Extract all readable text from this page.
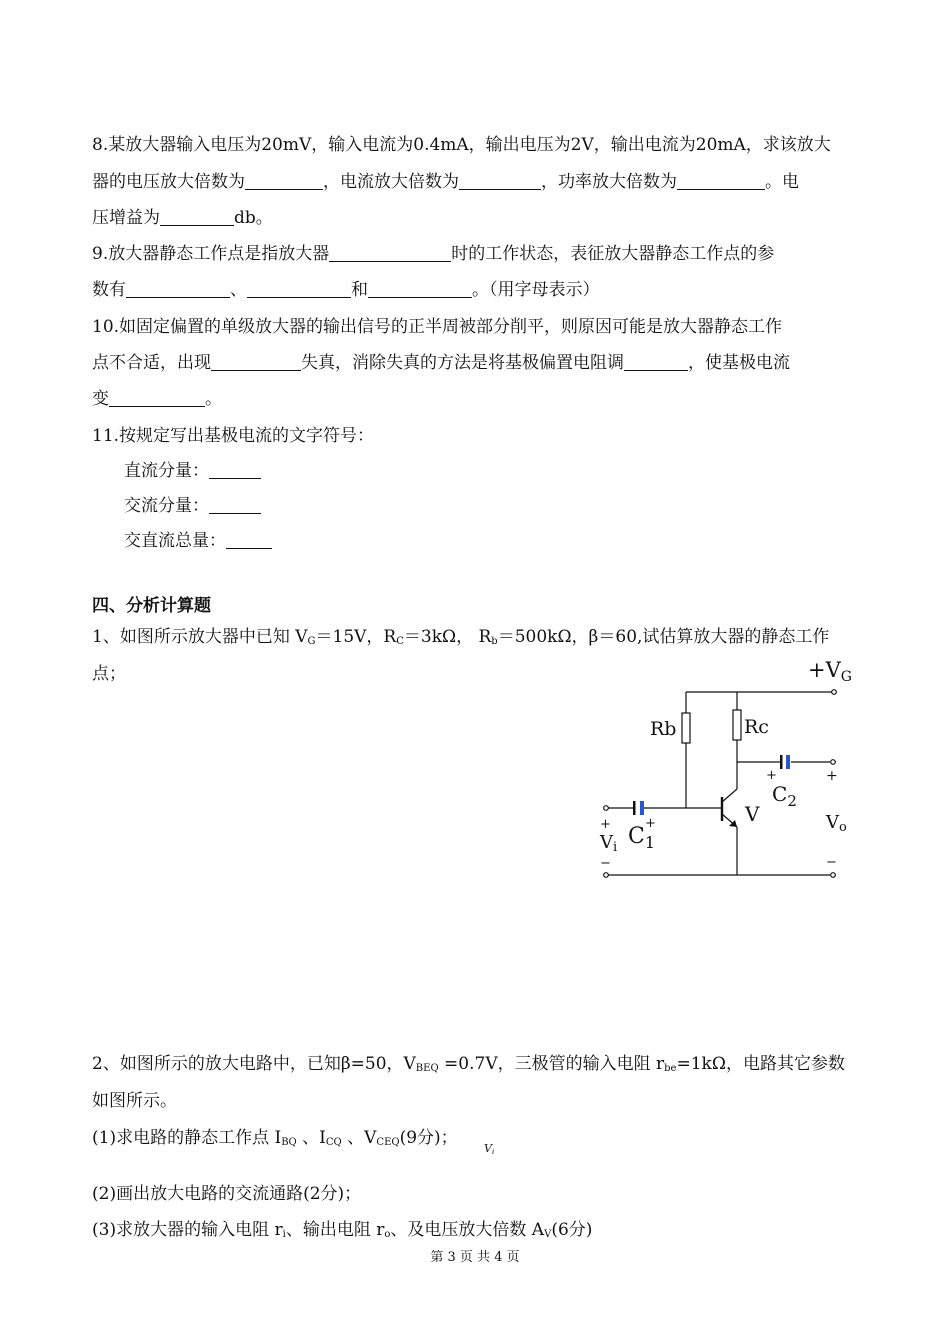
8.某放大器输入电压为20mV，输入电流为0.4mA，输出电压为2V，输出电流为20mA，求该放大
器的电压放大倍数为	，电流放大倍数为	，功率放大倍数为	。电
压增益为	db。
9.放大器静态工作点是指放大器	时的工作状态，表征放大器静态工作点的参
数有	、	和	。（用字母表示）
10.如固定偏置的单级放大器的输出信号的正半周被部分削平，则原因可能是放大器静态工作
点不合适，出现	失真，消除失真的方法是将基极偏置电阻调	，使基极电流
变	。
11.按规定写出基极电流的文字符号：
直流分量：
交流分量：
交直流总量：
四、分析计算题
1、如图所示放大器中已知 $V_G=15V$，$R_C=3k\Omega$， $R_b=500k\Omega$，β＝60,试估算放大器的静态工作
点；	+VG
Rb	Rc
+
$C_2$
+
V	Vo
+
$C_1$
+
Vi
−	−
2、如图所示的放大电路中，已知β=50，$V_{BEQ} =0.7V$，三极管的输入电阻 $r_{be}=1k\Omega$，电路其它参数
如图所示。
(1)求电路的静态工作点 $I_{BQ}$ 、$I_{CQ}$ 、$V_{CEQ}(9$分)；
$V_i$
(2)画出放大电路的交流通路(2分)；
(3)求放大器的输入电阻 $r_i$、输出电阻 $r_o$、及电压放大倍数 $A_V(6$分)
第 3 页 共 4 页
